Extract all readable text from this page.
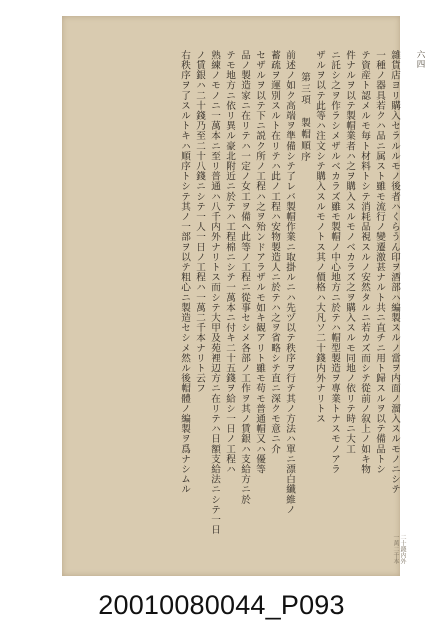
六四
雜貨店ヨリ購入セラルルモノ後者ハくらうん印ヲ酒部ハ編製スルノ當ヲ内面ノ溜入スルモノニシテ
一種ノ器具若クハ品ニ属スト雖モ流行ノ變遷激甚ナルト共ニ直チニ用ト歸スルヲ以テ備品トシ
テ資産ト認メルモ毎ト材料トシテ消耗品視スルノ安然タルニ若カズ而シテ從前ノ叙上ノ如キ物
件ナルヲ以テ製帽業者ハ之ヲ購入スルモノベカラズ之ヲ購入スルモ同地ノ依リテ時ニ大工
ニ託シ之ヲ作ラシメザルベカラズ雖モ製帽ノ中心地方ニ於テハ帽型製造ヲ專業トナスモノアラ
ザルヲ以テ此等ハ注文シテ購入スルモノトス其ノ價格ハ大凡ソ二十錢内外ナリトス
第三項　製帽順序
前述ノ如ク高端ヲ準備シテ了レバ製帽作業ニ取掛ルニハ先ヅ以テ秩序ヲ行テ其ノ方法ハ單ニ漂白纖維ノ
蓄疏ヲ運別スルト在リテハ此ノ工程ハ安物製造人ニ於テハ之ヲ省略シテ直ニ深クモ意ニ介
セザルヲ以テ下ニ説ク所ノ工程ハ之ヲ殆ンドアラザルモ如キ観アリト雖モ苟モ普通帽又ハ優等
品ノ製造家ニ在リテハ一定ノ女工ヲ備ヘ此等ノ工程ニ從事セシメ各部ノ工作ヲ其ノ賃銀ハ支給方ニ於
テモ地方ニ依リ異ル豪北附近ニ於テハ工程棉ニシテ一萬本ニ付キ二十五錢ヲ給シ一日ノ工程ハ
熟練ノモノニ一萬本ニ至リ普通ハ八千内外ナリトス而シテ大甲及苑裡辺方ニ在リテハ日額支給法ニシテ一日
ノ賃銀ハ二十錢乃至二十八錢ニシテ一人一日ノ工程ハ一萬二千本ナリト云フ
右秩序ヲ了スルトキハ順序トシテ其ノ一部ヲ以テ粗心ニ製造セシメ然ル後帽體ノ編製ヲ爲ナシムル
二十錢内外
一萬二千本
20010080044_P093
